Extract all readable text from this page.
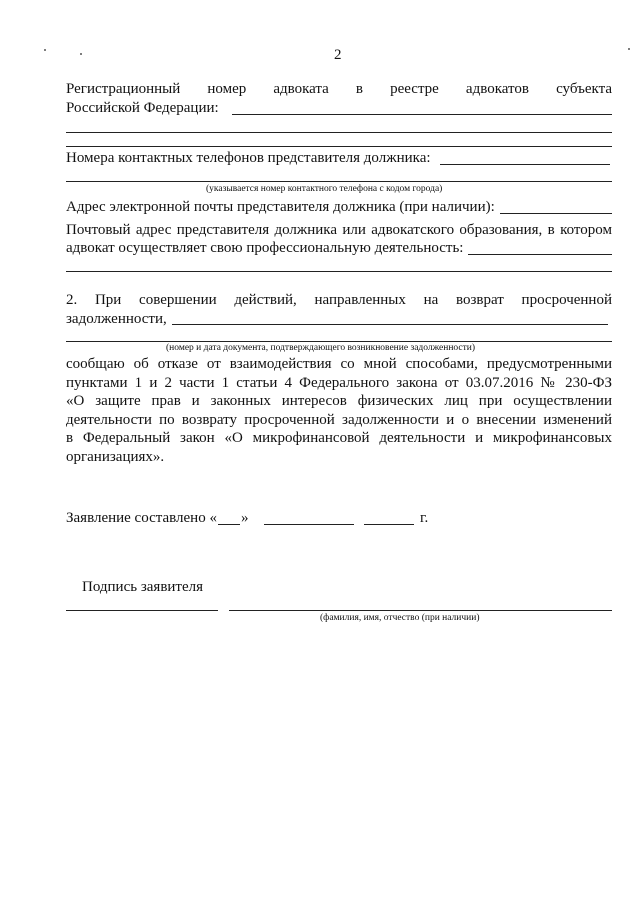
2
Регистрационный номер адвоката в реестре адвокатов субъекта
Российской Федерации:
Номера контактных телефонов представителя должника:
(указывается номер контактного телефона с кодом города)
Адрес электронной почты представителя должника (при наличии):
Почтовый адрес представителя должника или адвокатского образования, в котором
адвокат осуществляет свою профессиональную деятельность:
2. При совершении действий, направленных на возврат просроченной
задолженности,
(номер и дата документа, подтверждающего возникновение задолженности)
сообщаю об отказе от взаимодействия со мной способами, предусмотренными
пунктами 1 и 2 части 1 статьи 4 Федерального закона от 03.07.2016 № 230-ФЗ
«О защите прав и законных интересов физических лиц при осуществлении
деятельности по возврату просроченной задолженности и о внесении изменений
в Федеральный закон «О микрофинансовой деятельности и микрофинансовых
организациях».
Заявление составлено « »	г.
Подпись заявителя
(фамилия, имя, отчество (при наличии)
